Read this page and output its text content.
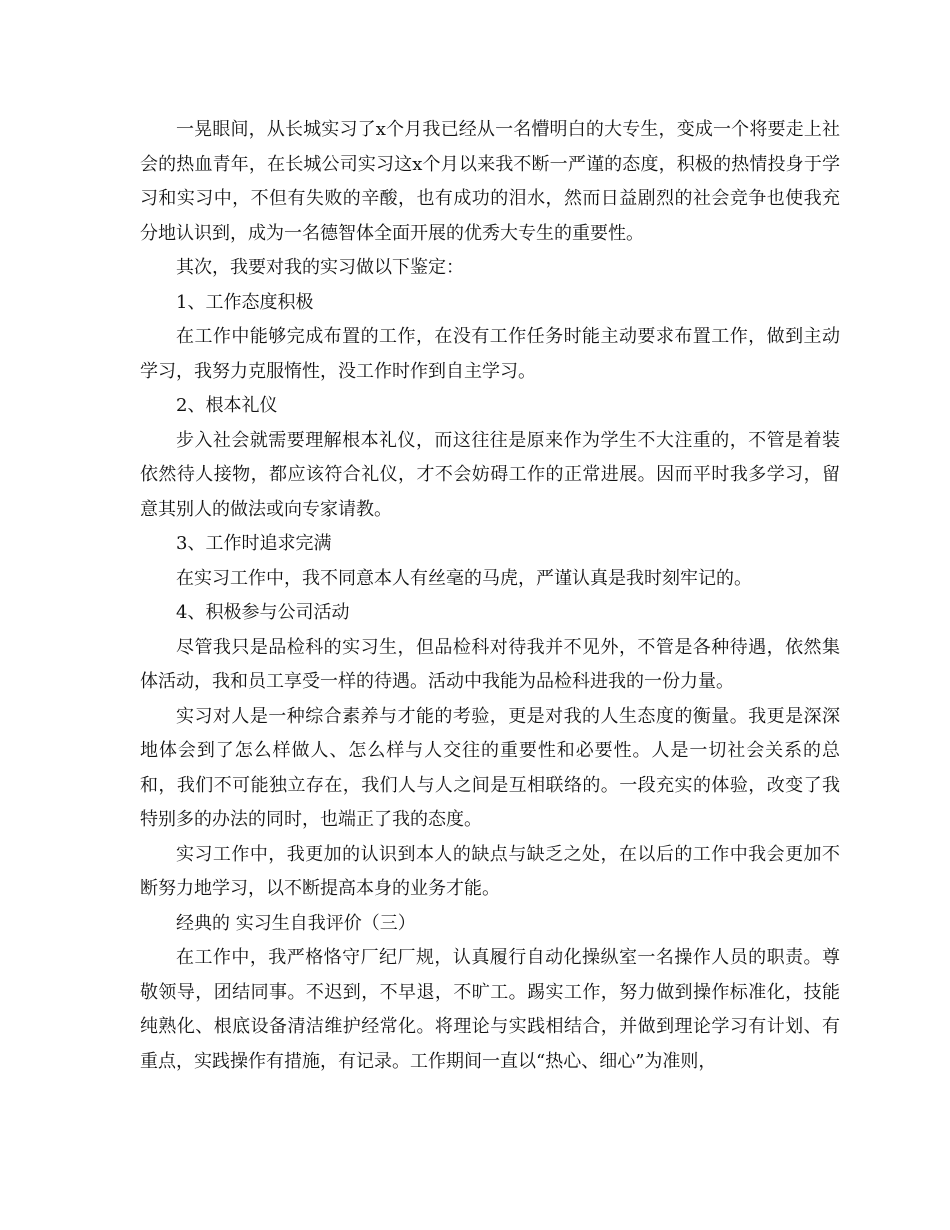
一晃眼间，从长城实习了x个月我已经从一名懵明白的大专生，变成一个将要走上社会的热血青年，在长城公司实习这x个月以来我不断一严谨的态度，积极的热情投身于学习和实习中，不但有失败的辛酸，也有成功的泪水，然而日益剧烈的社会竞争也使我充分地认识到，成为一名德智体全面开展的优秀大专生的重要性。

其次，我要对我的实习做以下鉴定：

1、工作态度积极

在工作中能够完成布置的工作，在没有工作任务时能主动要求布置工作，做到主动学习，我努力克服惰性，没工作时作到自主学习。

2、根本礼仪

步入社会就需要理解根本礼仪，而这往往是原来作为学生不大注重的，不管是着装依然待人接物，都应该符合礼仪，才不会妨碍工作的正常进展。因而平时我多学习，留意其别人的做法或向专家请教。

3、工作时追求完满

在实习工作中，我不同意本人有丝毫的马虎，严谨认真是我时刻牢记的。

4、积极参与公司活动

尽管我只是品检科的实习生，但品检科对待我并不见外，不管是各种待遇，依然集体活动，我和员工享受一样的待遇。活动中我能为品检科进我的一份力量。

实习对人是一种综合素养与才能的考验，更是对我的人生态度的衡量。我更是深深地体会到了怎么样做人、怎么样与人交往的重要性和必要性。人是一切社会关系的总和，我们不可能独立存在，我们人与人之间是互相联络的。一段充实的体验，改变了我特别多的办法的同时，也端正了我的态度。

实习工作中，我更加的认识到本人的缺点与缺乏之处，在以后的工作中我会更加不断努力地学习，以不断提高本身的业务才能。

经典的 实习生自我评价（三）

在工作中，我严格恪守厂纪厂规，认真履行自动化操纵室一名操作人员的职责。尊敬领导，团结同事。不迟到，不早退，不旷工。踢实工作，努力做到操作标准化，技能纯熟化、根底设备清洁维护经常化。将理论与实践相结合，并做到理论学习有计划、有重点，实践操作有措施，有记录。工作期间一直以“热心、细心”为准则，
